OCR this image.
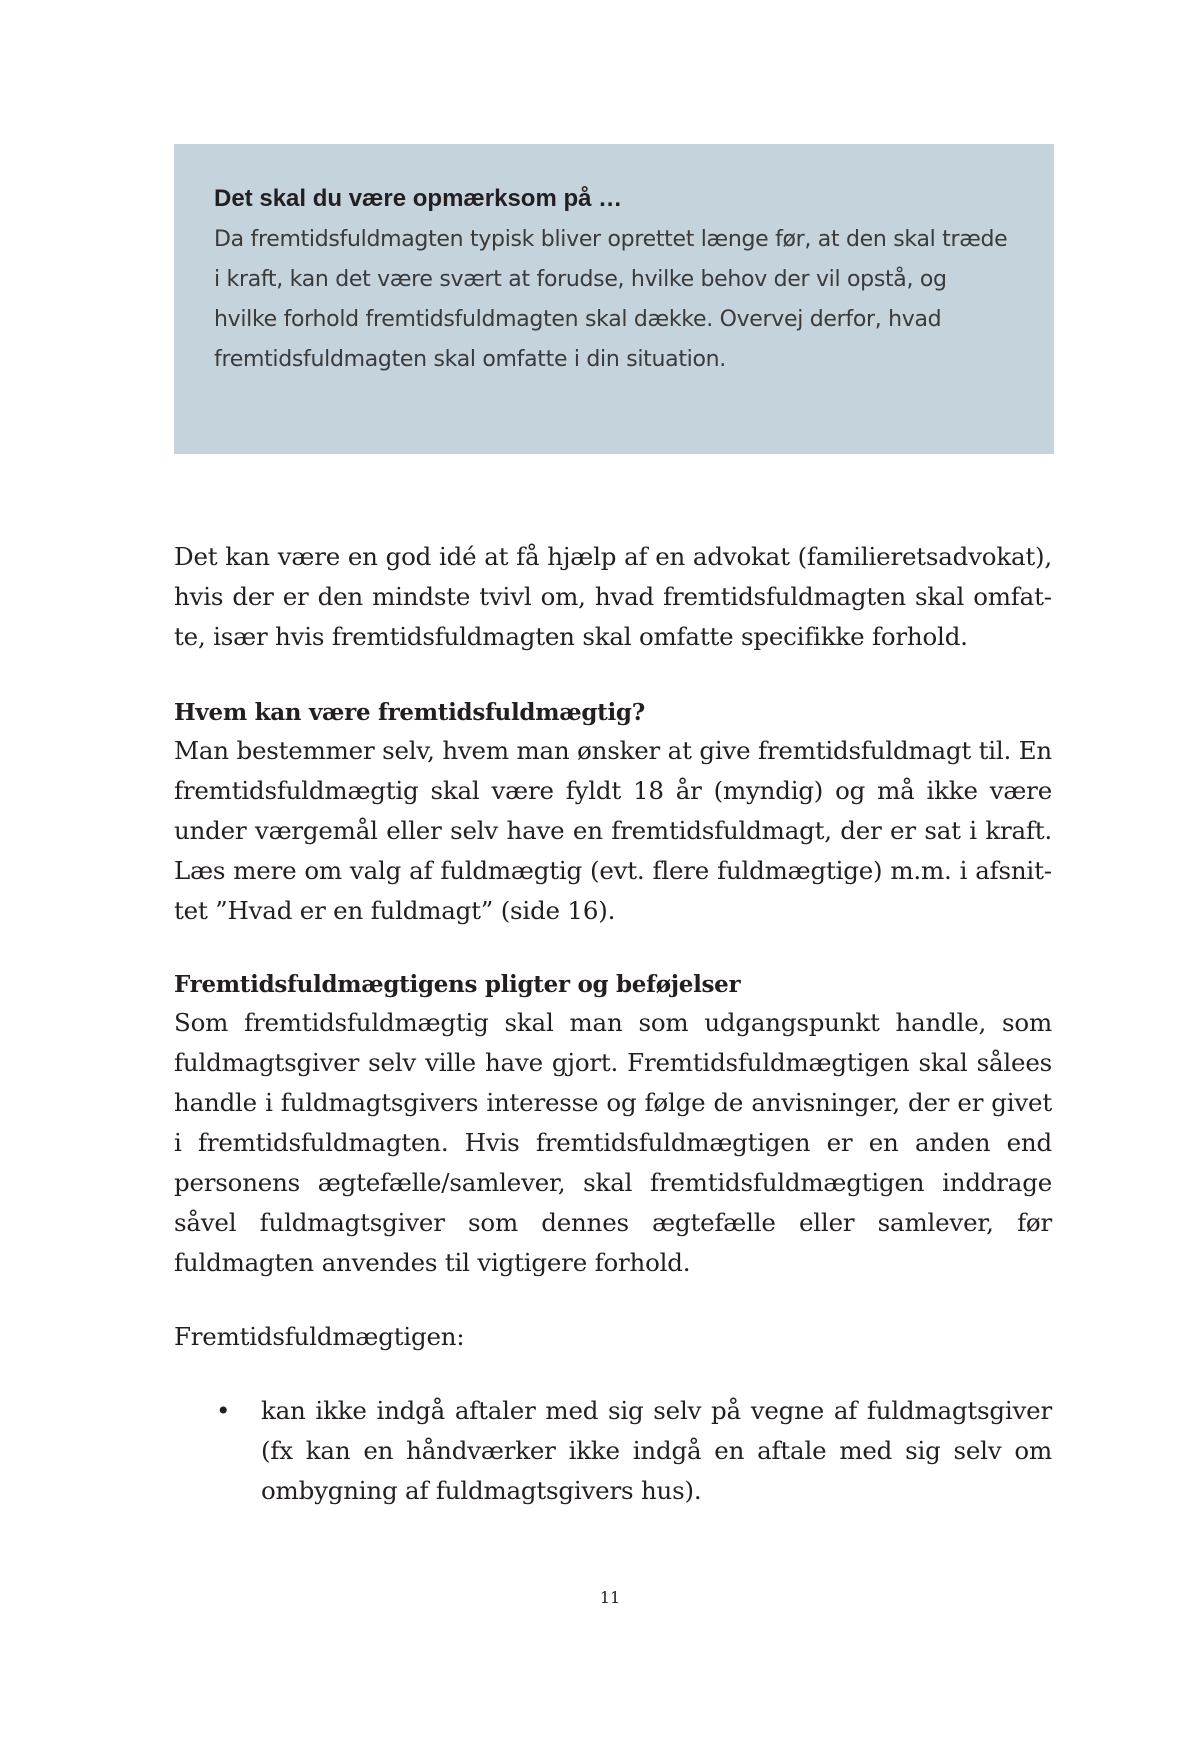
Det skal du være opmærksom på …

Da fremtidsfuldmagten typisk bliver oprettet længe før, at den skal træde i kraft, kan det være svært at forudse, hvilke behov der vil opstå, og hvilke forhold fremtidsfuldmagten skal dække. Overvej derfor, hvad fremtidsfuldmagten skal omfatte i din situation.

Det kan være en god idé at få hjælp af en advokat (familieretsadvokat), hvis der er den mindste tvivl om, hvad fremtidsfuldmagten skal omfatte, især hvis fremtidsfuldmagten skal omfatte specifikke forhold.

Hvem kan være fremtidsfuldmægtig?

Man bestemmer selv, hvem man ønsker at give fremtidsfuldmagt til. En fremtidsfuldmægtig skal være fyldt 18 år (myndig) og må ikke være under værgemål eller selv have en fremtidsfuldmagt, der er sat i kraft. Læs mere om valg af fuldmægtig (evt. flere fuldmægtige) m.m. i afsnittet ”Hvad er en fuldmagt” (side 16).

Fremtidsfuldmægtigens pligter og beføjelser

Som fremtidsfuldmægtig skal man som udgangspunkt handle, som fuldmagtsgiver selv ville have gjort. Fremtidsfuldmægtigen skal sålees handle i fuldmagtsgivers interesse og følge de anvisninger, der er givet i fremtidsfuldmagten. Hvis fremtidsfuldmægtigen er en anden end personens ægtefælle/samlever, skal fremtidsfuldmægtigen inddrage såvel fuldmagtsgiver som dennes ægtefælle eller samlever, før fuldmagten anvendes til vigtigere forhold.

Fremtidsfuldmægtigen:

• kan ikke indgå aftaler med sig selv på vegne af fuldmagtsgiver (fx kan en håndværker ikke indgå en aftale med sig selv om ombygning af fuldmagtsgivers hus).
11
